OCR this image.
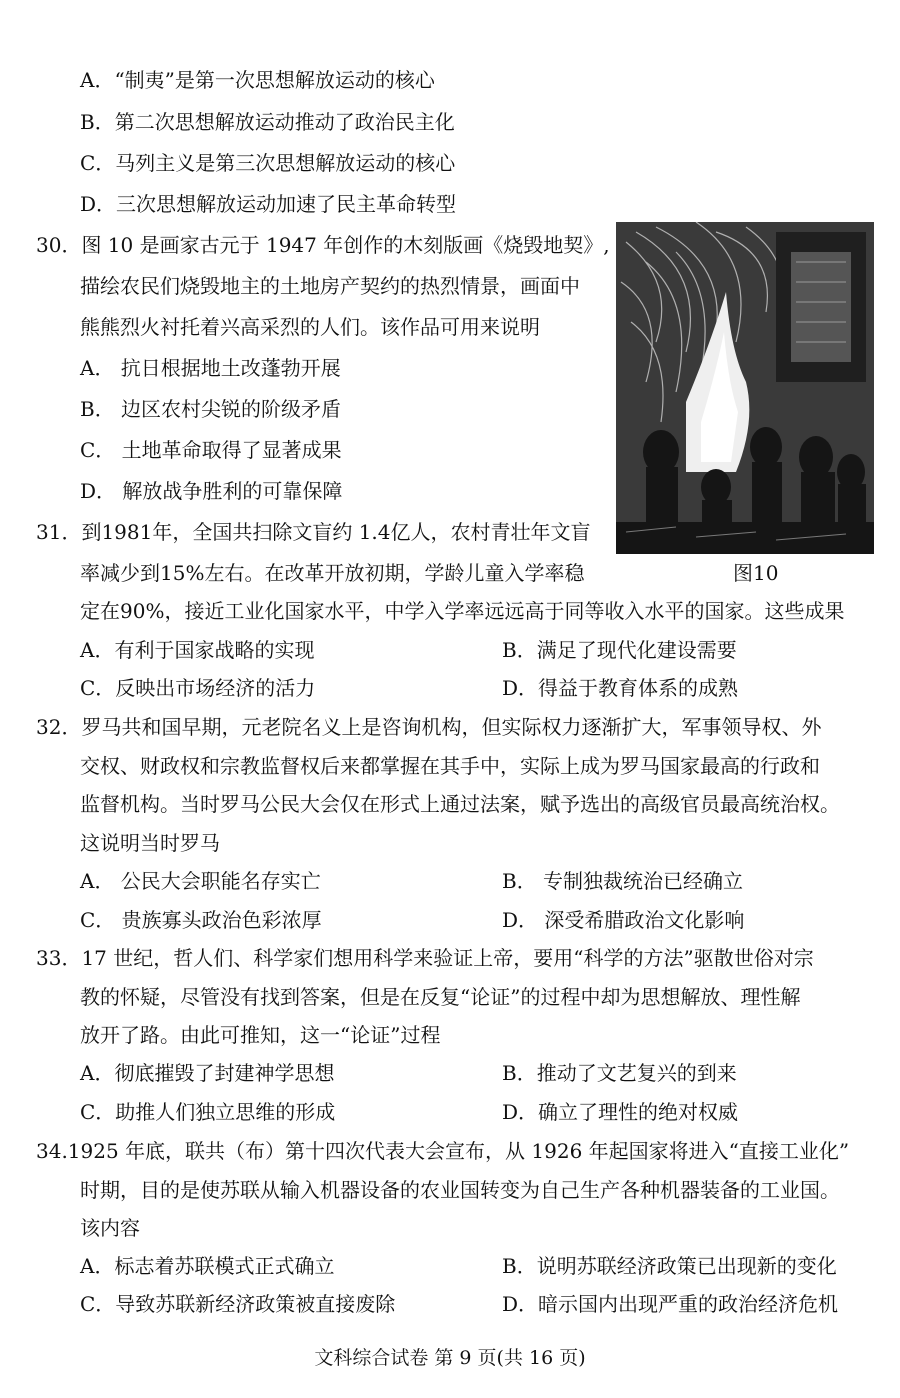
A．“制夷”是第一次思想解放运动的核心
B．第二次思想解放运动推动了政治民主化
C．马列主义是第三次思想解放运动的核心
D．三次思想解放运动加速了民主革命转型
30．图 10 是画家古元于 1947 年创作的木刻版画《烧毁地契》,
描绘农民们烧毁地主的土地房产契约的热烈情景，画面中
熊熊烈火衬托着兴高采烈的人们。该作品可用来说明
A． 抗日根据地土改蓬勃开展
B． 边区农村尖锐的阶级矛盾
C． 土地革命取得了显著成果
D． 解放战争胜利的可靠保障
图10
31．到1981年，全国共扫除文盲约 1.4亿人，农村青壮年文盲
率减少到15%左右。在改革开放初期，学龄儿童入学率稳
定在90%，接近工业化国家水平，中学入学率远远高于同等收入水平的国家。这些成果
A．有利于国家战略的实现	B．满足了现代化建设需要
C．反映出市场经济的活力	D．得益于教育体系的成熟
32．罗马共和国早期，元老院名义上是咨询机构，但实际权力逐渐扩大，军事领导权、外
交权、财政权和宗教监督权后来都掌握在其手中，实际上成为罗马国家最高的行政和
监督机构。当时罗马公民大会仅在形式上通过法案，赋予选出的高级官员最高统治权。
这说明当时罗马
A． 公民大会职能名存实亡	B． 专制独裁统治已经确立
C． 贵族寡头政治色彩浓厚	D． 深受希腊政治文化影响
33．17 世纪，哲人们、科学家们想用科学来验证上帝，要用“科学的方法”驱散世俗对宗
教的怀疑，尽管没有找到答案，但是在反复“论证”的过程中却为思想解放、理性解
放开了路。由此可推知，这一“论证”过程
A．彻底摧毁了封建神学思想	B．推动了文艺复兴的到来
C．助推人们独立思维的形成	D．确立了理性的绝对权威
34.1925 年底，联共（布）第十四次代表大会宣布，从 1926 年起国家将进入“直接工业化”
时期，目的是使苏联从输入机器设备的农业国转变为自己生产各种机器装备的工业国。
该内容
A．标志着苏联模式正式确立	B．说明苏联经济政策已出现新的变化
C．导致苏联新经济政策被直接废除	D．暗示国内出现严重的政治经济危机
文科综合试卷 第 9 页(共 16 页)
